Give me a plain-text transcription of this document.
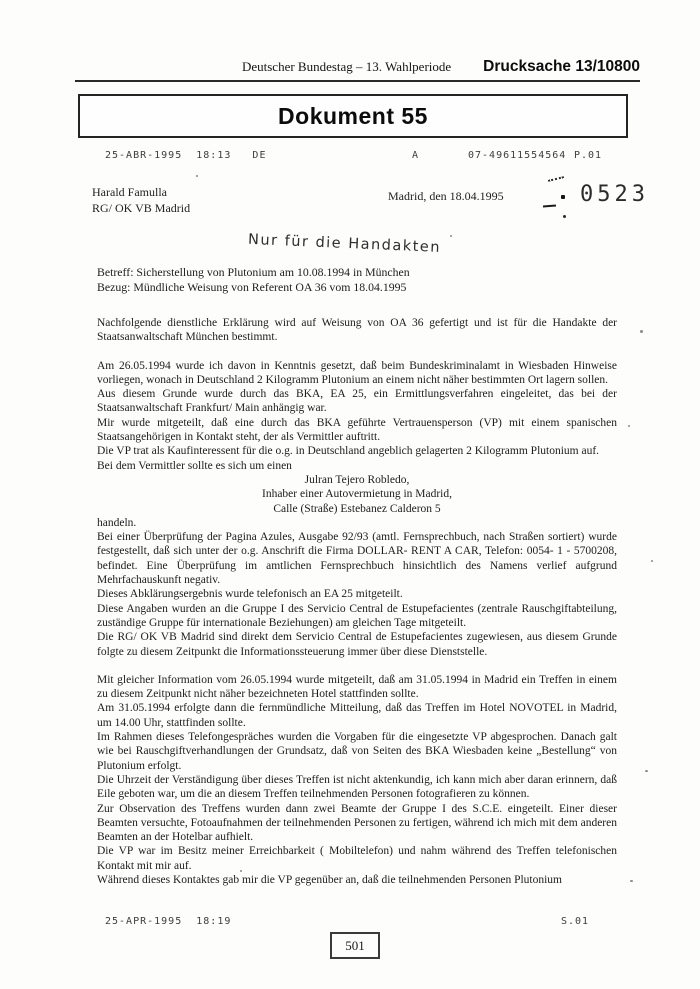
Deutscher Bundestag – 13. Wahlperiode Drucksache 13/10800
Dokument 55
25-ABR-1995  18:13   DE	A	07-49611554564 P.01
Harald Famulla
RG/ OK VB Madrid
Madrid, den 18.04.1995	0523
Nur für die Handakten
Betreff: Sicherstellung von Plutonium am 10.08.1994 in München
Bezug: Mündliche Weisung von Referent OA 36 vom 18.04.1995
Nachfolgende dienstliche Erklärung wird auf Weisung von OA 36 gefertigt und ist für die Handakte der Staatsanwaltschaft München bestimmt.
Am 26.05.1994 wurde ich davon in Kenntnis gesetzt, daß beim Bundeskriminalamt in Wiesbaden Hinweise vorliegen, wonach in Deutschland 2 Kilogramm Plutonium an einem nicht näher bestimmten Ort lagern sollen.
Aus diesem Grunde wurde durch das BKA, EA 25, ein Ermittlungsverfahren eingeleitet, das bei der Staatsanwaltschaft Frankfurt/ Main anhängig war.
Mir wurde mitgeteilt, daß eine durch das BKA geführte Vertrauensperson (VP) mit einem spanischen Staatsangehörigen in Kontakt steht, der als Vermittler auftritt.
Die VP trat als Kaufinteressent für die o.g. in Deutschland angeblich gelagerten 2 Kilogramm Plutonium auf.
Bei dem Vermittler sollte es sich um einen
Julran Tejero Robledo,
Inhaber einer Autovermietung in Madrid,
Calle (Straße) Estebanez Calderon 5
handeln.
Bei einer Überprüfung der Pagina Azules, Ausgabe 92/93 (amtl. Fernsprechbuch, nach Straßen sortiert) wurde festgestellt, daß sich unter der o.g. Anschrift die Firma DOLLAR- RENT A CAR, Telefon: 0054- 1 - 5700208, befindet. Eine Überprüfung im amtlichen Fernsprechbuch hinsichtlich des Namens verlief aufgrund Mehrfachauskunft negativ.
Dieses Abklärungsergebnis wurde telefonisch an EA 25 mitgeteilt.
Diese Angaben wurden an die Gruppe I des Servicio Central de Estupefacientes (zentrale Rauschgiftabteilung, zuständige Gruppe für internationale Beziehungen) am gleichen Tage mitgeteilt.
Die RG/ OK VB Madrid sind direkt dem Servicio Central de Estupefacientes zugewiesen, aus diesem Grunde folgte zu diesem Zeitpunkt die Informationssteuerung immer über diese Dienststelle.
Mit gleicher Information vom 26.05.1994 wurde mitgeteilt, daß am 31.05.1994 in Madrid ein Treffen in einem zu diesem Zeitpunkt nicht näher bezeichneten Hotel stattfinden sollte.
Am 31.05.1994 erfolgte dann die fernmündliche Mitteilung, daß das Treffen im Hotel NOVOTEL in Madrid, um 14.00 Uhr, stattfinden sollte.
Im Rahmen dieses Telefongespräches wurden die Vorgaben für die eingesetzte VP abgesprochen. Danach galt wie bei Rauschgiftverhandlungen der Grundsatz, daß von Seiten des BKA Wiesbaden keine „Bestellung“ von Plutonium erfolgt.
Die Uhrzeit der Verständigung über dieses Treffen ist nicht aktenkundig, ich kann mich aber daran erinnern, daß Eile geboten war, um die an diesem Treffen teilnehmenden Personen fotografieren zu können.
Zur Observation des Treffens wurden dann zwei Beamte der Gruppe I des S.C.E. eingeteilt. Einer dieser Beamten versuchte, Fotoaufnahmen der teilnehmenden Personen zu fertigen, während ich mich mit dem anderen Beamten an der Hotelbar aufhielt.
Die VP war im Besitz meiner Erreichbarkeit ( Mobiltelefon) und nahm während des Treffen telefonischen Kontakt mit mir auf.
Während dieses Kontaktes gab mir die VP gegenüber an, daß die teilnehmenden Personen Plutonium
25-APR-1995  18:19	S.01
501
